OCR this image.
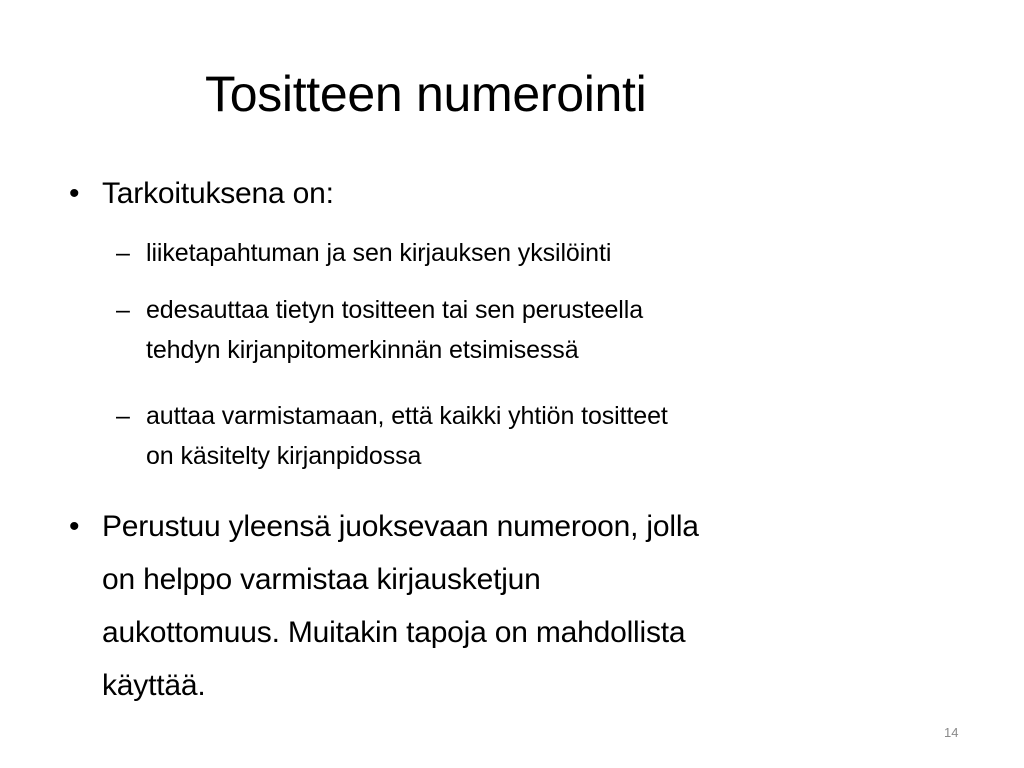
Tositteen numerointi
• Tarkoituksena on:
– liiketapahtuman ja sen kirjauksen yksilöinti
– edesauttaa tietyn tositteen tai sen perusteella
tehdyn kirjanpitomerkinnän etsimisessä
– auttaa varmistamaan, että kaikki yhtiön tositteet
on käsitelty kirjanpidossa
• Perustuu yleensä juoksevaan numeroon, jolla
on helppo varmistaa kirjausketjun
aukottomuus. Muitakin tapoja on mahdollista
käyttää.
14
